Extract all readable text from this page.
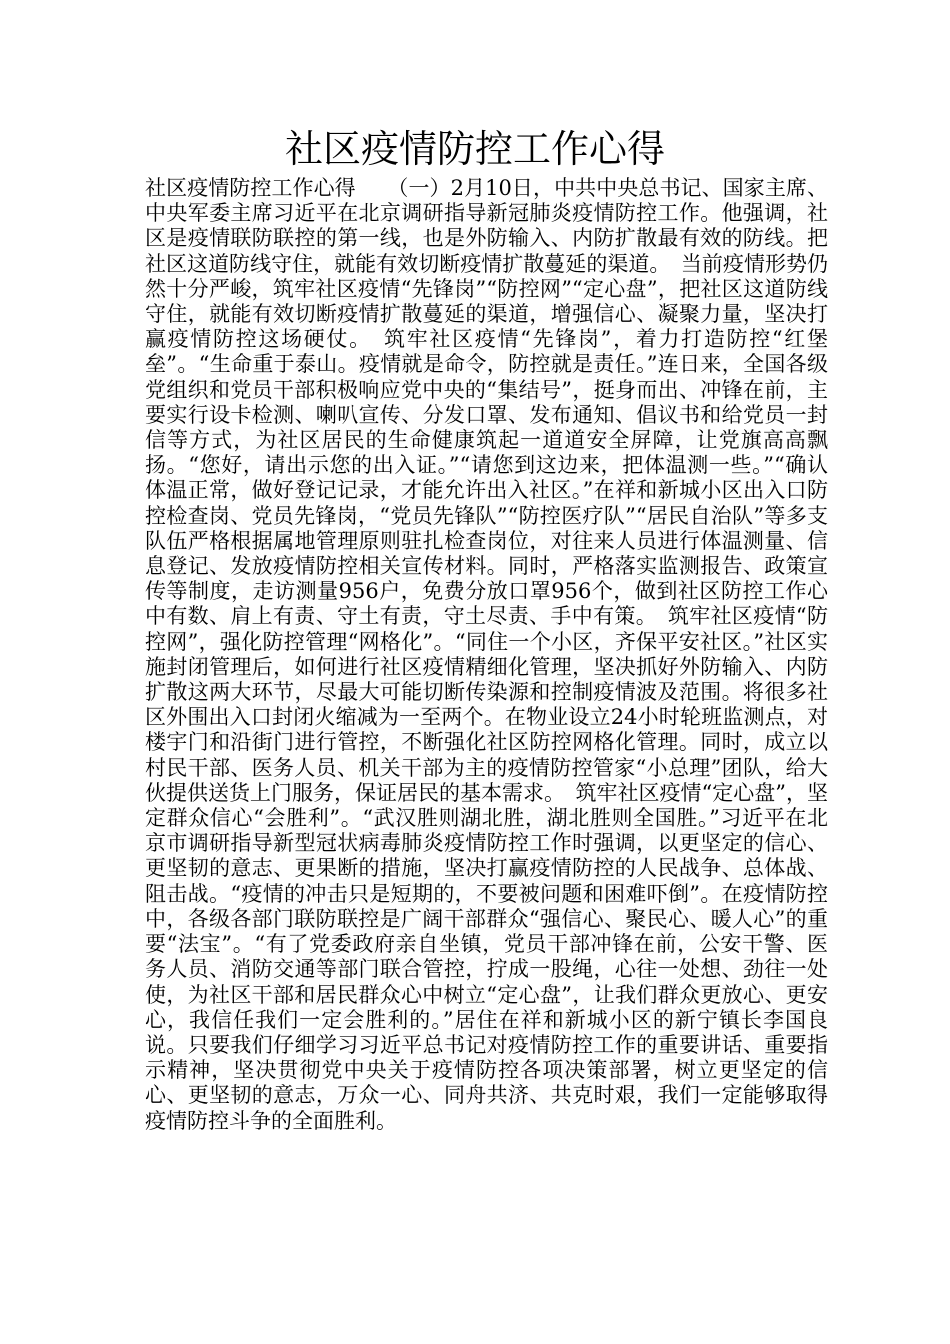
社区疫情防控工作心得

社区疫情防控工作心得　　（一）2月10日，中共中央总书记、国家主席、中央军委主席习近平在北京调研指导新冠肺炎疫情防控工作。他强调，社区是疫情联防联控的第一线，也是外防输入、内防扩散最有效的防线。把社区这道防线守住，就能有效切断疫情扩散蔓延的渠道。　当前疫情形势仍然十分严峻，筑牢社区疫情“先锋岗”“防控网”“定心盘”，把社区这道防线守住，就能有效切断疫情扩散蔓延的渠道，增强信心、凝聚力量，坚决打赢疫情防控这场硬仗。　筑牢社区疫情“先锋岗”，着力打造防控“红堡垒”。“生命重于泰山。疫情就是命令，防控就是责任。”连日来，全国各级党组织和党员干部积极响应党中央的“集结号”，挺身而出、冲锋在前，主要实行设卡检测、喇叭宣传、分发口罩、发布通知、倡议书和给党员一封信等方式，为社区居民的生命健康筑起一道道安全屏障，让党旗高高飘扬。“您好，请出示您的出入证。”“请您到这边来，把体温测一些。”“确认体温正常，做好登记记录，才能允许出入社区。”在祥和新城小区出入口防控检查岗、党员先锋岗，“党员先锋队”“防控医疗队”“居民自治队”等多支队伍严格根据属地管理原则驻扎检查岗位，对往来人员进行体温测量、信息登记、发放疫情防控相关宣传材料。同时，严格落实监测报告、政策宣传等制度，走访测量956户，免费分放口罩956个，做到社区防控工作心中有数、肩上有责、守土有责，守土尽责、手中有策。　筑牢社区疫情“防控网”，强化防控管理“网格化”。“同住一个小区，齐保平安社区。”社区实施封闭管理后，如何进行社区疫情精细化管理，坚决抓好外防输入、内防扩散这两大环节，尽最大可能切断传染源和控制疫情波及范围。将很多社区外围出入口封闭火缩减为一至两个。在物业设立24小时轮班监测点，对楼宇门和沿街门进行管控，不断强化社区防控网格化管理。同时，成立以村民干部、医务人员、机关干部为主的疫情防控管家“小总理”团队，给大伙提供送货上门服务，保证居民的基本需求。　筑牢社区疫情“定心盘”，坚定群众信心“会胜利”。“武汉胜则湖北胜，湖北胜则全国胜。”习近平在北京市调研指导新型冠状病毒肺炎疫情防控工作时强调，以更坚定的信心、更坚韧的意志、更果断的措施，坚决打赢疫情防控的人民战争、总体战、阻击战。“疫情的冲击只是短期的，不要被问题和困难吓倒”。在疫情防控中，各级各部门联防联控是广阔干部群众“强信心、聚民心、暖人心”的重要“法宝”。“有了党委政府亲自坐镇，党员干部冲锋在前，公安干警、医务人员、消防交通等部门联合管控，拧成一股绳，心往一处想、劲往一处使，为社区干部和居民群众心中树立“定心盘”，让我们群众更放心、更安心，我信任我们一定会胜利的。”居住在祥和新城小区的新宁镇长李国良说。只要我们仔细学习习近平总书记对疫情防控工作的重要讲话、重要指示精神，坚决贯彻党中央关于疫情防控各项决策部署，树立更坚定的信心、更坚韧的意志，万众一心、同舟共济、共克时艰，我们一定能够取得疫情防控斗争的全面胜利。
